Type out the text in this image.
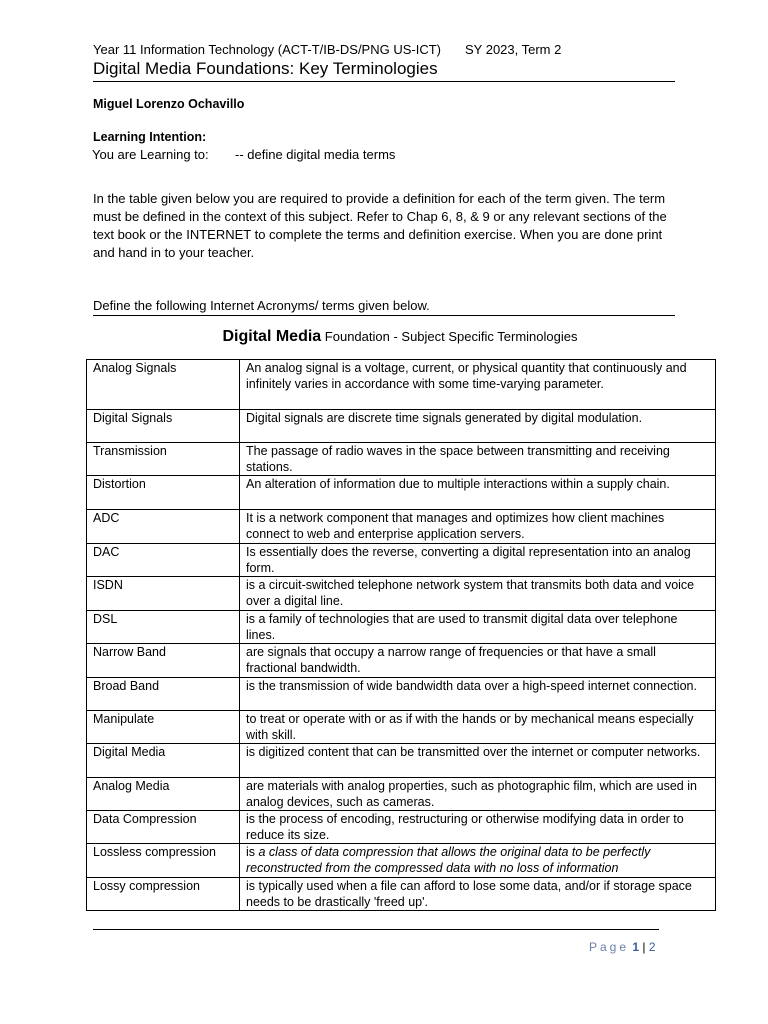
Year 11 Information Technology (ACT-T/IB-DS/PNG US-ICT) SY 2023, Term 2
Digital Media Foundations: Key Terminologies
Miguel Lorenzo Ochavillo
Learning Intention:
You are Learning to: -- define digital media terms
In the table given below you are required to provide a definition for each of the term given. The term must be defined in the context of this subject. Refer to Chap 6, 8, & 9 or any relevant sections of the text book or the INTERNET to complete the terms and definition exercise. When you are done print and hand in to your teacher.
Define the following Internet Acronyms/ terms given below.
Digital Media Foundation - Subject Specific Terminologies
Analog Signals	An analog signal is a voltage, current, or physical quantity that continuously and infinitely varies in accordance with some time-varying parameter.
Digital Signals	Digital signals are discrete time signals generated by digital modulation.
Transmission	The passage of radio waves in the space between transmitting and receiving stations.
Distortion	An alteration of information due to multiple interactions within a supply chain.
ADC	It is a network component that manages and optimizes how client machines connect to web and enterprise application servers.
DAC	Is essentially does the reverse, converting a digital representation into an analog form.
ISDN	is a circuit-switched telephone network system that transmits both data and voice over a digital line.
DSL	is a family of technologies that are used to transmit digital data over telephone lines.
Narrow Band	are signals that occupy a narrow range of frequencies or that have a small fractional bandwidth.
Broad Band	is the transmission of wide bandwidth data over a high-speed internet connection.
Manipulate	to treat or operate with or as if with the hands or by mechanical means especially with skill.
Digital Media	is digitized content that can be transmitted over the internet or computer networks.
Analog Media	are materials with analog properties, such as photographic film, which are used in analog devices, such as cameras.
Data Compression	is the process of encoding, restructuring or otherwise modifying data in order to reduce its size.
Lossless compression	is a class of data compression that allows the original data to be perfectly reconstructed from the compressed data with no loss of information
Lossy compression	is typically used when a file can afford to lose some data, and/or if storage space needs to be drastically 'freed up'.
Page 1 | 2
